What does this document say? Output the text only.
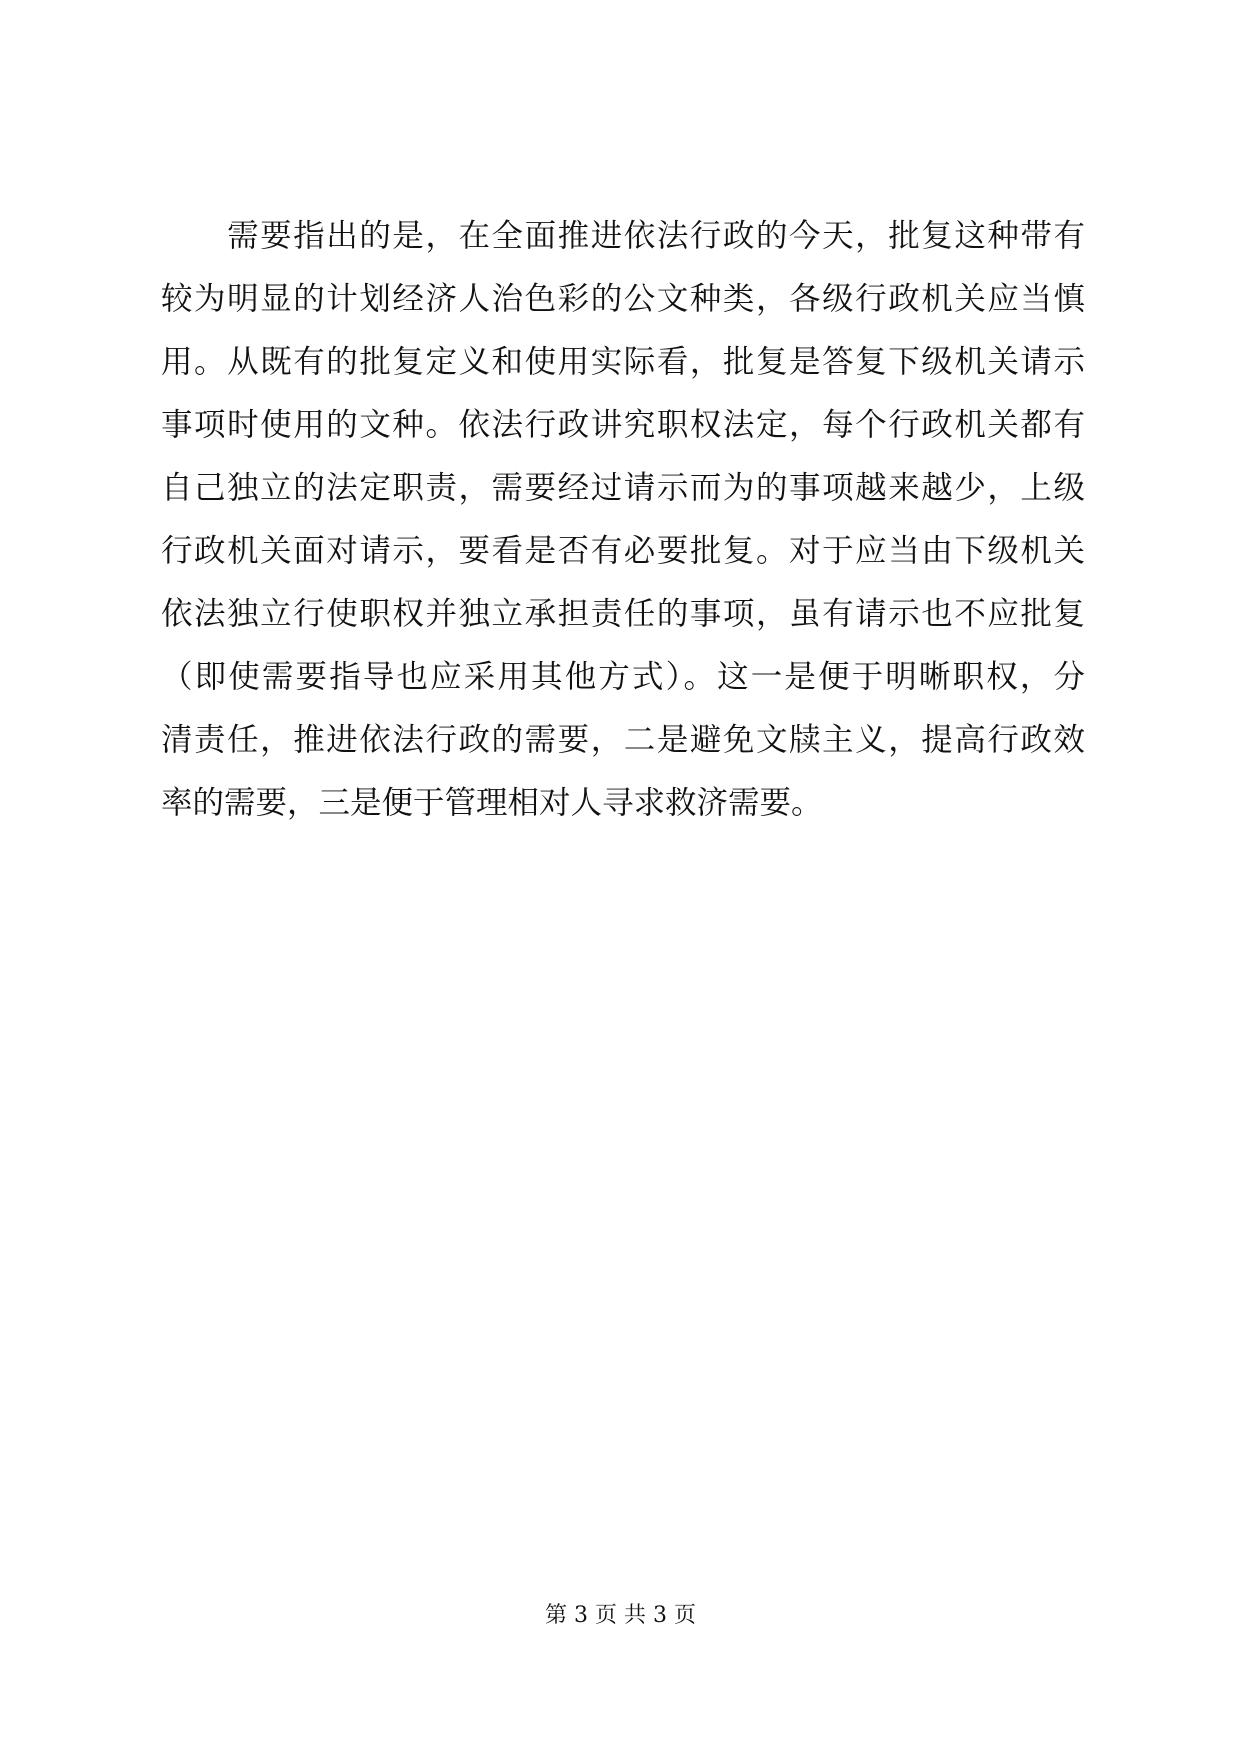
　　需要指出的是，在全面推进依法行政的今天，批复这种带有
较为明显的计划经济人治色彩的公文种类，各级行政机关应当慎
用。从既有的批复定义和使用实际看，批复是答复下级机关请示
事项时使用的文种。依法行政讲究职权法定，每个行政机关都有
自己独立的法定职责，需要经过请示而为的事项越来越少，上级
行政机关面对请示，要看是否有必要批复。对于应当由下级机关
依法独立行使职权并独立承担责任的事项，虽有请示也不应批复
（即使需要指导也应采用其他方式）。这一是便于明晰职权，分
清责任，推进依法行政的需要，二是避免文牍主义，提高行政效
率的需要，三是便于管理相对人寻求救济需要。
第 3 页 共 3 页
